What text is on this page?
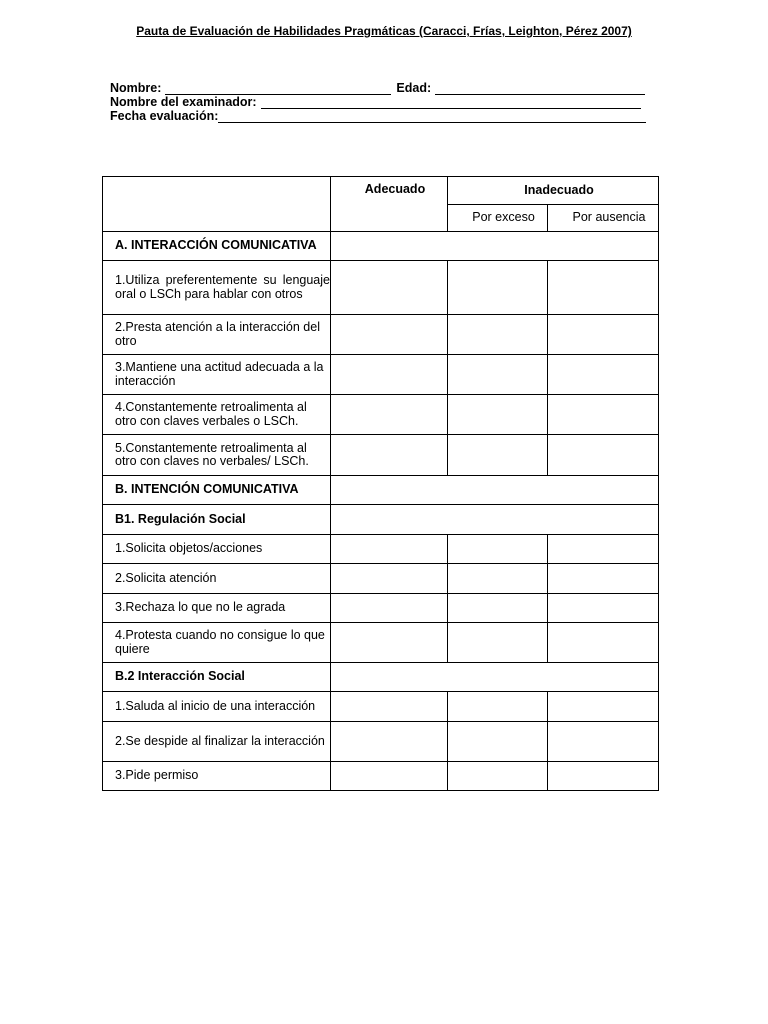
Pauta de Evaluación de Habilidades Pragmáticas (Caracci, Frías, Leighton, Pérez 2007)
Nombre:	Edad:
Nombre del examinador:
Fecha evaluación:
	Adecuado	Inadecuado	
		Por exceso	Por ausencia
A. INTERACCIÓN COMUNICATIVA			
1.Utiliza preferentemente su lenguaje oral o LSCh para hablar con otros			
2.Presta atención a la interacción del otro			
3.Mantiene una actitud adecuada a la interacción			
4.Constantemente retroalimenta al otro con claves verbales o LSCh.			
5.Constantemente retroalimenta al otro con claves no verbales/ LSCh.			
B. INTENCIÓN COMUNICATIVA			
B1. Regulación Social			
1.Solicita objetos/acciones			
2.Solicita atención			
3.Rechaza lo que no le agrada			
4.Protesta cuando no consigue lo que quiere			
B.2 Interacción Social			
1.Saluda al inicio de una interacción			
2.Se despide al finalizar la interacción			
3.Pide permiso			
